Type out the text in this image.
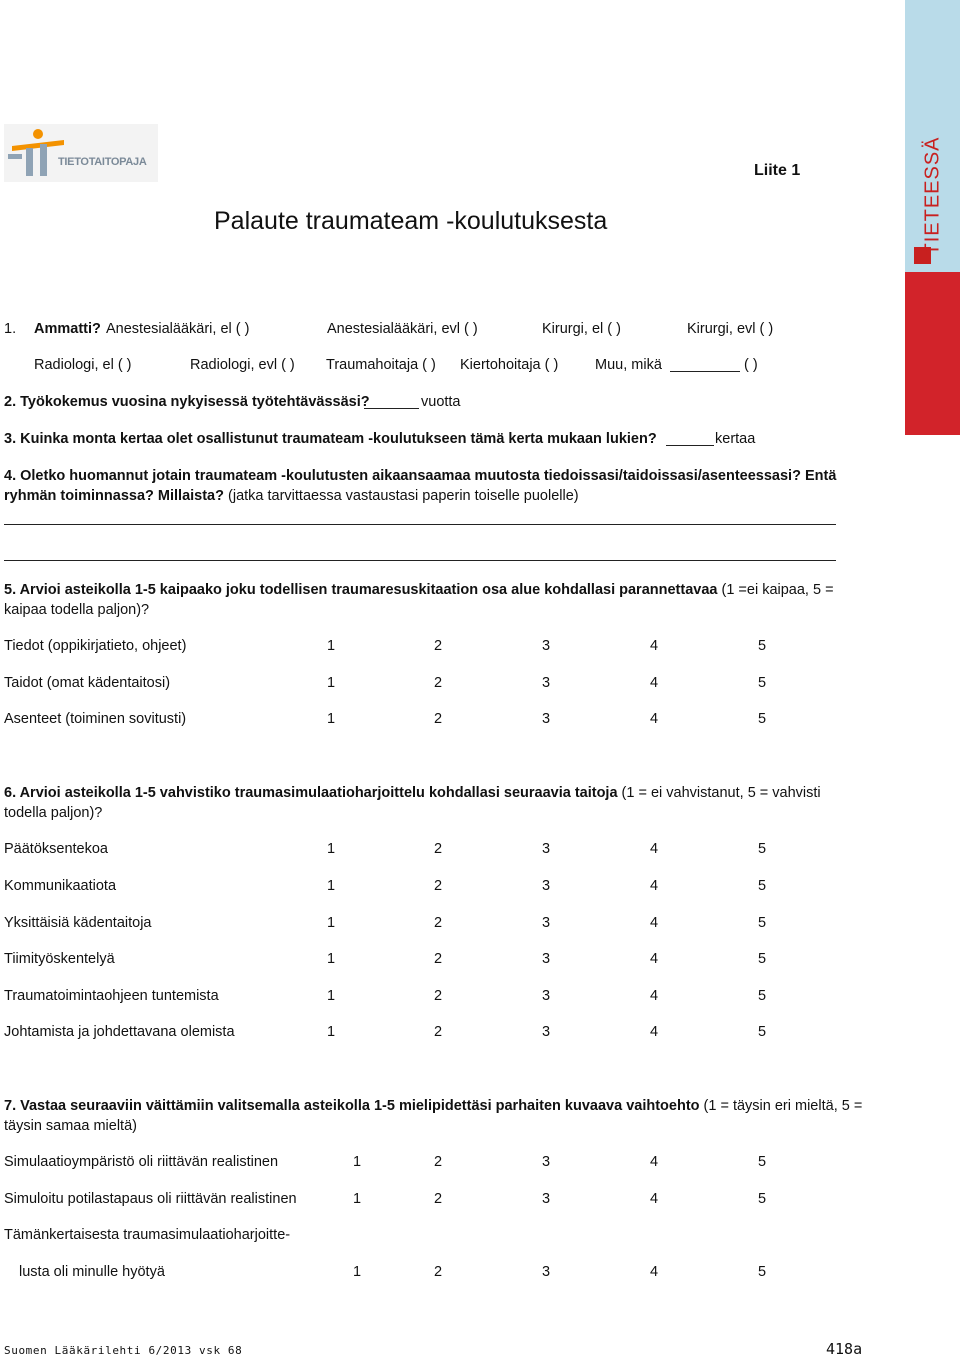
TIETEESSÄ
TIETOTAITOPAJA	Liite 1
Palaute traumateam -koulutuksesta
1. Ammatti? Anestesialääkäri, el ( )	Anestesialääkäri, evl ( )	Kirurgi, el ( )	Kirurgi, evl ( )
Radiologi, el ( )	Radiologi, evl ( ) Traumahoitaja ( ) Kiertohoitaja ( )	Muu, mikä	( )
2. Työkokemus vuosina nykyisessä työtehtävässäsi?	vuotta
3. Kuinka monta kertaa olet osallistunut traumateam -koulutukseen tämä kerta mukaan lukien?	kertaa
4. Oletko huomannut jotain traumateam -koulutusten aikaansaamaa muutosta tiedoissasi/taidoissasi/asenteessasi? Entä ryhmän toiminnassa? Millaista? (jatka tarvittaessa vastaustasi paperin toiselle puolelle)
5. Arvioi asteikolla 1-5 kaipaako joku todellisen traumaresuskitaation osa alue kohdallasi parannettavaa (1 =ei kaipaa, 5 = kaipaa todella paljon)?
Tiedot (oppikirjatieto, ohjeet)	1	2	3	4	5
Taidot (omat kädentaitosi)	1	2	3	4	5
Asenteet (toiminen sovitusti)	1	2	3	4	5
6. Arvioi asteikolla 1-5 vahvistiko traumasimulaatioharjoittelu kohdallasi seuraavia taitoja (1 = ei vahvistanut, 5 = vahvisti todella paljon)?
Päätöksentekoa	1	2	3	4	5
Kommunikaatiota	1	2	3	4	5
Yksittäisiä kädentaitoja	1	2	3	4	5
Tiimityöskentelyä	1	2	3	4	5
Traumatoimintaohjeen tuntemista	1	2	3	4	5
Johtamista ja johdettavana olemista	1	2	3	4	5
7. Vastaa seuraaviin väittämiin valitsemalla asteikolla 1-5 mielipidettäsi parhaiten kuvaava vaihtoehto (1 = täysin eri mieltä, 5 = täysin samaa mieltä)
Simulaatioympäristö oli riittävän realistinen	1	2	3	4	5
Simuloitu potilastapaus oli riittävän realistinen	1	2	3	4	5
Tämänkertaisesta traumasimulaatioharjoitte-
lusta oli minulle hyötyä	1	2	3	4	5
Suomen Lääkärilehti 6/2013 vsk 68	418a
